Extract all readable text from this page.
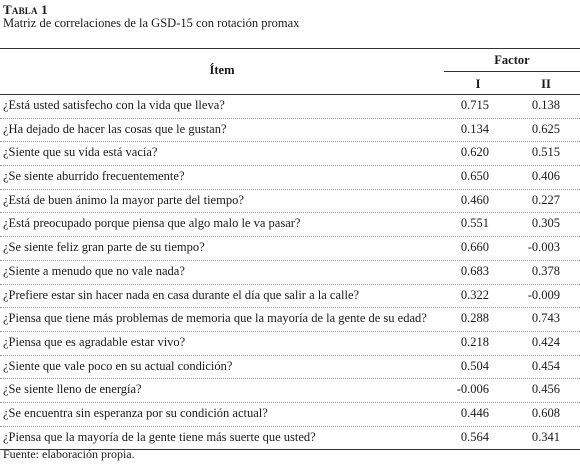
Tabla 1
Matriz de correlaciones de la GSD-15 con rotación promax
Ítem
Factor
I	II
¿Está usted satisfecho con la vida que lleva?	0.715	0.138
¿Ha dejado de hacer las cosas que le gustan?	0.134	0.625
¿Siente que su vida está vacía?	0.620	0.515
¿Se siente aburrido frecuentemente?	0.650	0.406
¿Está de buen ánimo la mayor parte del tiempo?	0.460	0.227
¿Está preocupado porque piensa que algo malo le va pasar?	0.551	0.305
¿Se siente feliz gran parte de su tiempo?	0.660	-0.003
¿Siente a menudo que no vale nada?	0.683	0.378
¿Prefiere estar sin hacer nada en casa durante el día que salir a la calle?	0.322	-0.009
¿Piensa que tiene más problemas de memoria que la mayoría de la gente de su edad?	0.288	0.743
¿Piensa que es agradable estar vivo?	0.218	0.424
¿Siente que vale poco en su actual condición?	0.504	0.454
¿Se siente lleno de energía?	-0.006	0.456
¿Se encuentra sin esperanza por su condición actual?	0.446	0.608
¿Piensa que la mayoría de la gente tiene más suerte que usted?	0.564	0.341
Fuente: elaboración propia.
